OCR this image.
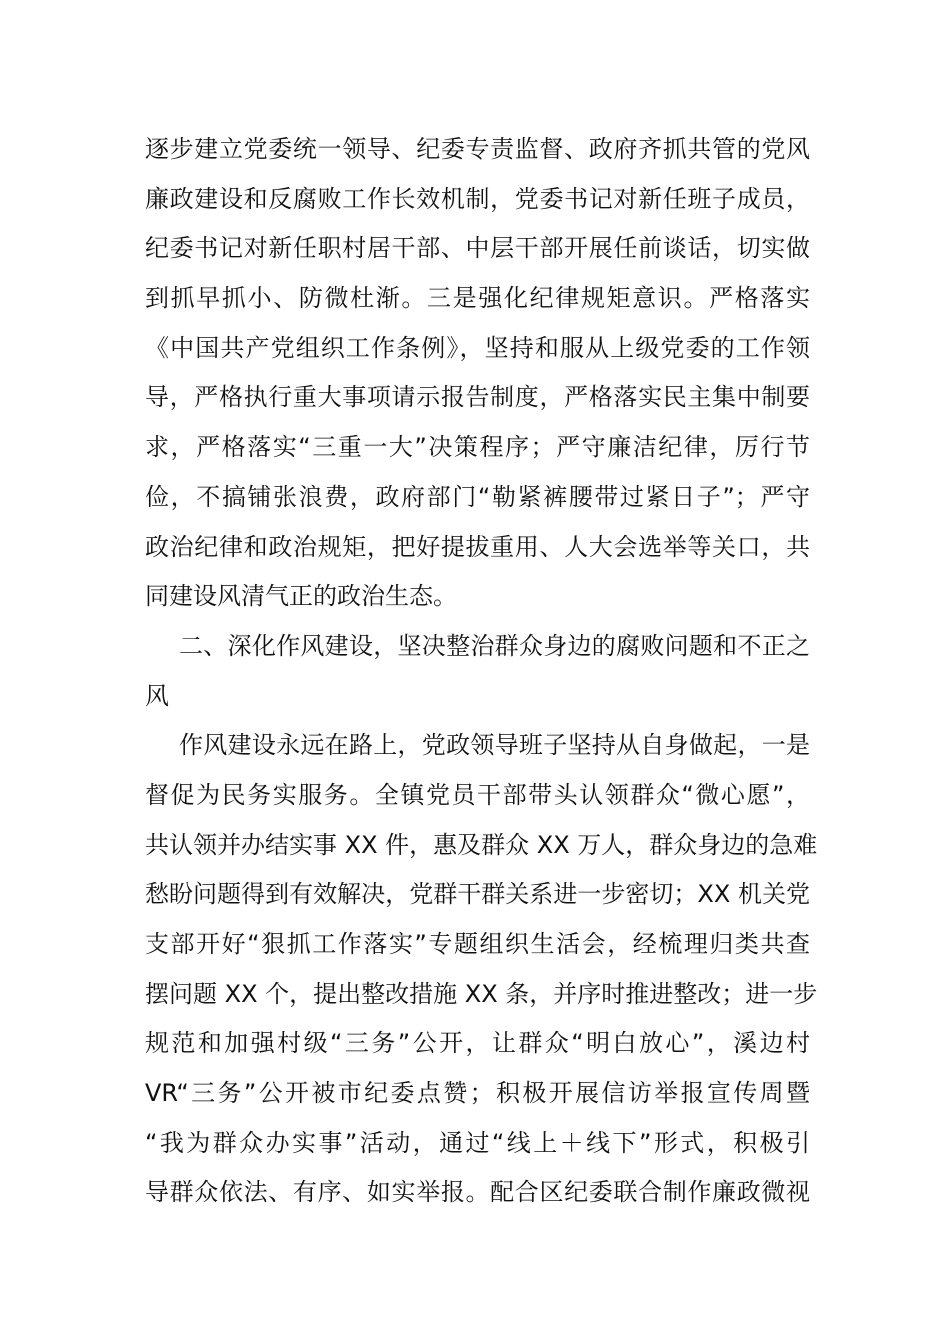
逐步建立党委统一领导、纪委专责监督、政府齐抓共管的党风
廉政建设和反腐败工作长效机制，党委书记对新任班子成员，
纪委书记对新任职村居干部、中层干部开展任前谈话，切实做
到抓早抓小、防微杜渐。三是强化纪律规矩意识。严格落实
《中国共产党组织工作条例》，坚持和服从上级党委的工作领
导，严格执行重大事项请示报告制度，严格落实民主集中制要
求，严格落实“三重一大”决策程序；严守廉洁纪律，厉行节
俭，不搞铺张浪费，政府部门“勒紧裤腰带过紧日子”；严守
政治纪律和政治规矩，把好提拔重用、人大会选举等关口，共
同建设风清气正的政治生态。
二、深化作风建设，坚决整治群众身边的腐败问题和不正之
风
作风建设永远在路上，党政领导班子坚持从自身做起，一是
督促为民务实服务。全镇党员干部带头认领群众“微心愿”，
共认领并办结实事 XX 件，惠及群众 XX 万人，群众身边的急难
愁盼问题得到有效解决，党群干群关系进一步密切；XX 机关党
支部开好“狠抓工作落实”专题组织生活会，经梳理归类共查
摆问题 XX 个，提出整改措施 XX 条，并序时推进整改；进一步
规范和加强村级“三务”公开，让群众“明白放心”，溪边村
VR“三务”公开被市纪委点赞；积极开展信访举报宣传周暨
“我为群众办实事”活动，通过“线上＋线下”形式，积极引
导群众依法、有序、如实举报。配合区纪委联合制作廉政微视
